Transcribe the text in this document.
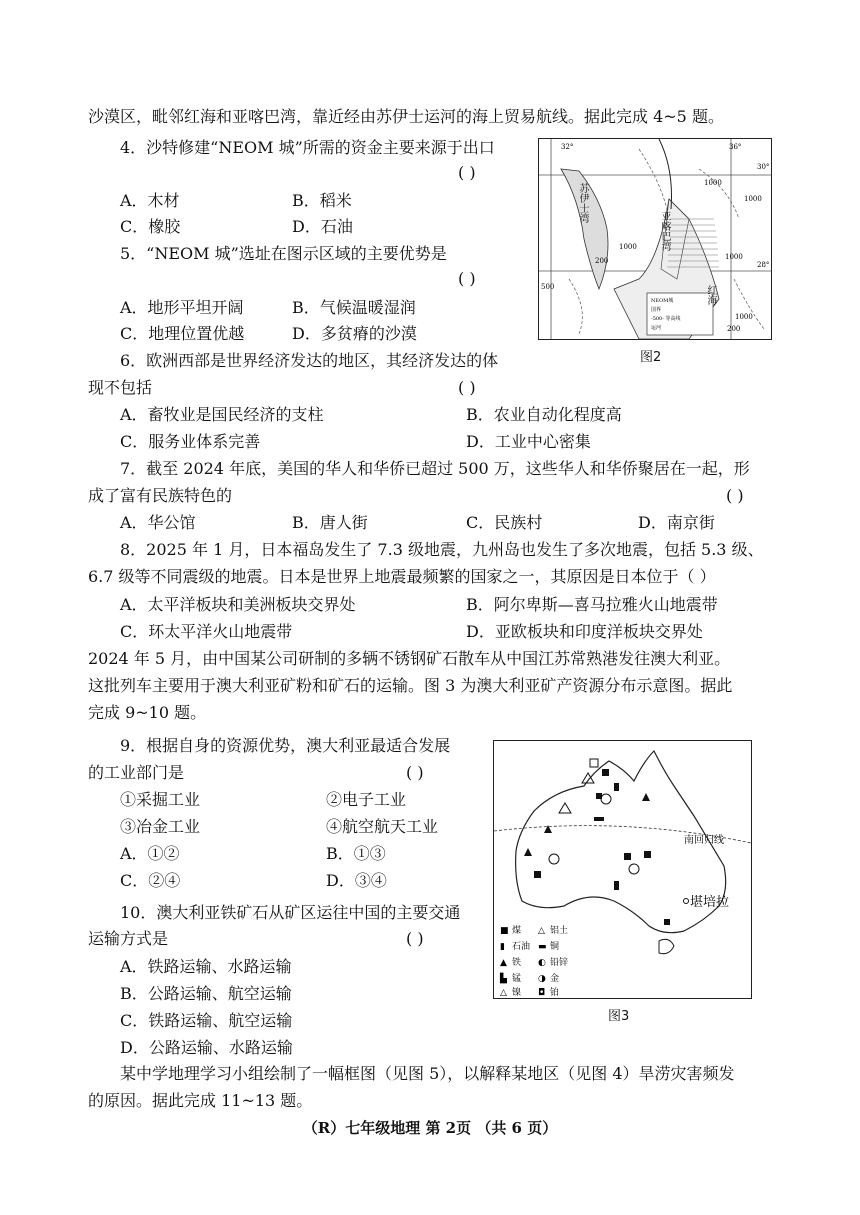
沙漠区，毗邻红海和亚喀巴湾，靠近经由苏伊士运河的海上贸易航线。据此完成 4~5 题。
4．沙特修建“NEOM 城”所需的资金主要来源于出口
( )
A．木材	B．稻米
C．橡胶	D．石油
5．“NEOM 城”选址在图示区域的主要优势是
( )
A．地形平坦开阔	B．气候温暖湿润
C．地理位置优越	D．多贫瘠的沙漠
32°	36°
30°
28°
1000
1000
1000
1000
200
500
1000
200
NEOM城
国界
-500- 等高线
运河
苏伊士湾
亚喀巴湾
红海
图2
6．欧洲西部是世界经济发达的地区，其经济发达的体
现不包括	( )
A．畜牧业是国民经济的支柱	B．农业自动化程度高
C．服务业体系完善	D．工业中心密集
7．截至 2024 年底，美国的华人和华侨已超过 500 万，这些华人和华侨聚居在一起，形
成了富有民族特色的	( )
A．华公馆	B．唐人街	C．民族村	D．南京街
8．2025 年 1 月，日本福岛发生了 7.3 级地震，九州岛也发生了多次地震，包括 5.3 级、
6.7 级等不同震级的地震。日本是世界上地震最频繁的国家之一，其原因是日本位于（ ）
A．太平洋板块和美洲板块交界处	B．阿尔卑斯—喜马拉雅火山地震带
C．环太平洋火山地震带	D．亚欧板块和印度洋板块交界处
2024 年 5 月，由中国某公司研制的多辆不锈钢矿石散车从中国江苏常熟港发往澳大利亚。
这批列车主要用于澳大利亚矿粉和矿石的运输。图 3 为澳大利亚矿产资源分布示意图。据此
完成 9~10 题。
9．根据自身的资源优势，澳大利亚最适合发展
的工业部门是	( )
①采掘工业	②电子工业
③冶金工业	④航空航天工业
A．①②	B．①③
C．②④	D．③④
10．澳大利亚铁矿石从矿区运往中国的主要交通
运输方式是	( )
A．铁路运输、水路运输
B．公路运输、航空运输
C．铁路运输、航空运输
D．公路运输、水路运输
南回归线
堪培拉
■ 煤 △ 铝土
▮ 石油 ▬ 铜
▲ 铁 ◐ 铅锌
▙ 锰 ◑ 金
△ 镍 ◘ 铂
图3
某中学地理学习小组绘制了一幅框图（见图 5），以解释某地区（见图 4）旱涝灾害频发
的原因。据此完成 11~13 题。
（R）七年级地理 第 2页 （共 6 页）
